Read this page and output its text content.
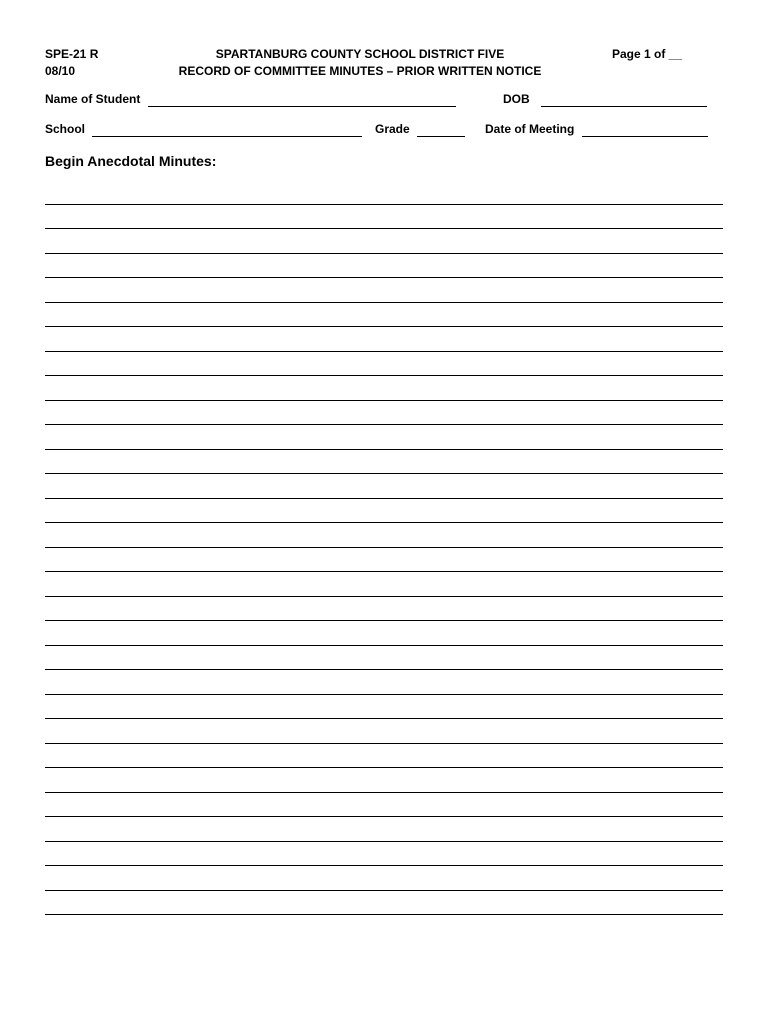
SPE-21 R
08/10
SPARTANBURG COUNTY SCHOOL DISTRICT FIVE
RECORD OF COMMITTEE MINUTES – PRIOR WRITTEN NOTICE
Page 1 of __
Name of Student	DOB
School	Grade	Date of Meeting
Begin Anecdotal Minutes:
